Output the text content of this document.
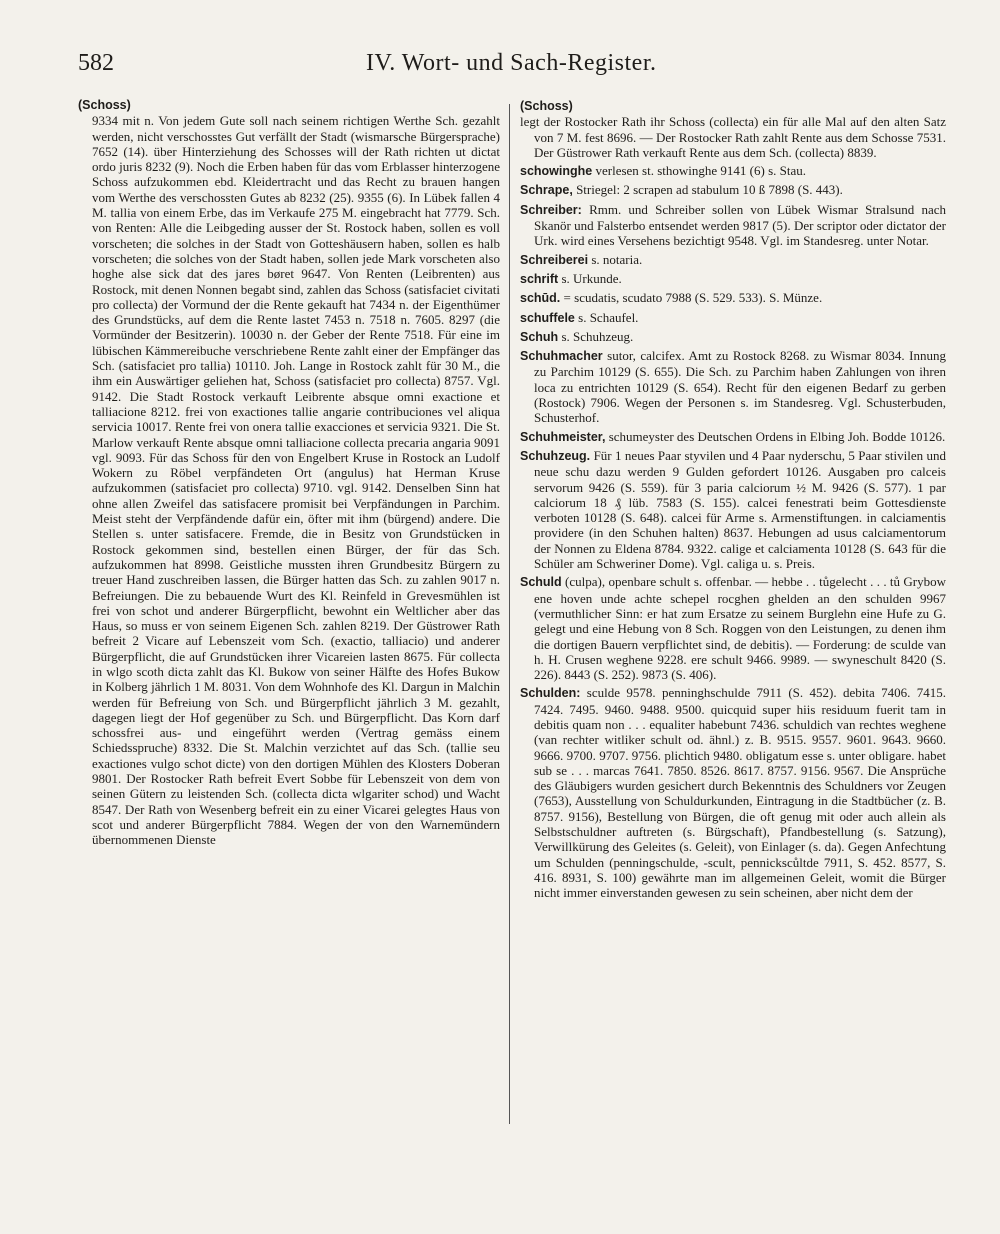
582	IV. Wort- und Sach-Register.
(Schoss)

9334 mit n. Von jedem Gute soll nach seinem richtigen Werthe Sch. gezahlt werden, nicht verschosstes Gut verfällt der Stadt (wismarsche Bürgersprache) 7652 (14). über Hinterziehung des Schosses will der Rath richten ut dictat ordo juris 8232 (9). Noch die Erben haben für das vom Erblasser hinterzogene Schoss aufzukommen ebd. Kleidertracht und das Recht zu brauen hangen vom Werthe des verschossten Gutes ab 8232 (25). 9355 (6). In Lübek fallen 4 M. tallia von einem Erbe, das im Verkaufe 275 M. eingebracht hat 7779. Sch. von Renten: Alle die Leibgeding ausser der St. Rostock haben, sollen es voll vorscheten; die solches in der Stadt von Gotteshäusern haben, sollen es halb vorscheten; die solches von der Stadt haben, sollen jede Mark vorscheten also hoghe alse sick dat des jares børet 9647. Von Renten (Leibrenten) aus Rostock, mit denen Nonnen begabt sind, zahlen das Schoss (satisfaciet civitati pro collecta) der Vormund der die Rente gekauft hat 7434 n. der Eigenthümer des Grundstücks, auf dem die Rente lastet 7453 n. 7518 n. 7605. 8297 (die Vormünder der Besitzerin). 10030 n. der Geber der Rente 7518. Für eine im lübischen Kämmereibuche verschriebene Rente zahlt einer der Empfänger das Sch. (satisfaciet pro tallia) 10110. Joh. Lange in Rostock zahlt für 30 M., die ihm ein Auswärtiger geliehen hat, Schoss (satisfaciet pro collecta) 8757. Vgl. 9142. Die Stadt Rostock verkauft Leibrente absque omni exactione et talliacione 8212. frei von exactiones tallie angarie contribuciones vel aliqua servicia 10017. Rente frei von onera tallie exacciones et servicia 9321. Die St. Marlow verkauft Rente absque omni talliacione collecta precaria angaria 9091 vgl. 9093. Für das Schoss für den von Engelbert Kruse in Rostock an Ludolf Wokern zu Röbel verpfändeten Ort (angulus) hat Herman Kruse aufzukommen (satisfaciet pro collecta) 9710. vgl. 9142. Denselben Sinn hat ohne allen Zweifel das satisfacere promisit bei Verpfändungen in Parchim. Meist steht der Verpfändende dafür ein, öfter mit ihm (bürgend) andere. Die Stellen s. unter satisfacere. Fremde, die in Besitz von Grundstücken in Rostock gekommen sind, bestellen einen Bürger, der für das Sch. aufzukommen hat 8998. Geistliche mussten ihren Grundbesitz Bürgern zu treuer Hand zuschreiben lassen, die Bürger hatten das Sch. zu zahlen 9017 n. Befreiungen. Die zu bebauende Wurt des Kl. Reinfeld in Grevesmühlen ist frei von schot und anderer Bürgerpflicht, bewohnt ein Weltlicher aber das Haus, so muss er von seinem Eigenen Sch. zahlen 8219. Der Güstrower Rath befreit 2 Vicare auf Lebenszeit vom Sch. (exactio, talliacio) und anderer Bürgerpflicht, die auf Grundstücken ihrer Vicareien lasten 8675. Für collecta in wlgo scoth dicta zahlt das Kl. Bukow von seiner Hälfte des Hofes Bukow in Kolberg jährlich 1 M. 8031. Von dem Wohnhofe des Kl. Dargun in Malchin werden für Befreiung von Sch. und Bürgerpflicht jährlich 3 M. gezahlt, dagegen liegt der Hof gegenüber zu Sch. und Bürgerpflicht. Das Korn darf schossfrei aus- und eingeführt werden (Vertrag gemäss einem Schiedsspruche) 8332. Die St. Malchin verzichtet auf das Sch. (tallie seu exactiones vulgo schot dicte) von den dortigen Mühlen des Klosters Doberan 9801. Der Rostocker Rath befreit Evert Sobbe für Lebenszeit von dem von seinen Gütern zu leistenden Sch. (collecta dicta wlgariter schod) und Wacht 8547. Der Rath von Wesenberg befreit ein zu einer Vicarei gelegtes Haus von scot und anderer Bürgerpflicht 7884. Wegen der von den Warnemündern übernommenen Dienste

(Schoss)

legt der Rostocker Rath ihr Schoss (collecta) ein für alle Mal auf den alten Satz von 7 M. fest 8696. — Der Rostocker Rath zahlt Rente aus dem Schosse 7531. Der Güstrower Rath verkauft Rente aus dem Sch. (collecta) 8839.

schowinghe verlesen st. sthowinghe 9141 (6) s. Stau.

Schrape, Striegel: 2 scrapen ad stabulum 10 ß 7898 (S. 443).

Schreiber: Rmm. und Schreiber sollen von Lübek Wismar Stralsund nach Skanör und Falsterbo entsendet werden 9817 (5). Der scriptor oder dictator der Urk. wird eines Versehens bezichtigt 9548. Vgl. im Standesreg. unter Notar.

Schreiberei s. notaria.

schrift s. Urkunde.

schūd. = scudatis, scudato 7988 (S. 529. 533). S. Münze.

schuffele s. Schaufel.

Schuh s. Schuhzeug.

Schuhmacher sutor, calcifex. Amt zu Rostock 8268. zu Wismar 8034. Innung zu Parchim 10129 (S. 655). Die Sch. zu Parchim haben Zahlungen von ihren loca zu entrichten 10129 (S. 654). Recht für den eigenen Bedarf zu gerben (Rostock) 7906. Wegen der Personen s. im Standesreg. Vgl. Schusterbuden, Schusterhof.

Schuhmeister, schumeyster des Deutschen Ordens in Elbing Joh. Bodde 10126.

Schuhzeug. Für 1 neues Paar styvilen und 4 Paar nyderschu, 5 Paar stivilen und neue schu dazu werden 9 Gulden gefordert 10126. Ausgaben pro calceis servorum 9426 (S. 559). für 3 paria calciorum ½ M. 9426 (S. 577). 1 par calciorum 18 ₰ lüb. 7583 (S. 155). calcei fenestrati beim Gottesdienste verboten 10128 (S. 648). calcei für Arme s. Armenstiftungen. in calciamentis providere (in den Schuhen halten) 8637. Hebungen ad usus calciamentorum der Nonnen zu Eldena 8784. 9322. calige et calciamenta 10128 (S. 643 für die Schüler am Schweriner Dome). Vgl. caliga u. s. Preis.

Schuld (culpa), openbare schult s. offenbar. — hebbe . . tůgelecht . . . tů Grybow ene hoven unde achte schepel rocghen ghelden an den schulden 9967 (vermuthlicher Sinn: er hat zum Ersatze zu seinem Burglehn eine Hufe zu G. gelegt und eine Hebung von 8 Sch. Roggen von den Leistungen, zu denen ihm die dortigen Bauern verpflichtet sind, de debitis). — Forderung: de sculde van h. H. Crusen weghene 9228. ere schult 9466. 9989. — swyneschult 8420 (S. 226). 8443 (S. 252). 9873 (S. 406).

Schulden: sculde 9578. penninghschulde 7911 (S. 452). debita 7406. 7415. 7424. 7495. 9460. 9488. 9500. quicquid super hiis residuum fuerit tam in debitis quam non . . . equaliter habebunt 7436. schuldich van rechtes weghene (van rechter witliker schult od. ähnl.) z. B. 9515. 9557. 9601. 9643. 9660. 9666. 9700. 9707. 9756. plichtich 9480. obligatum esse s. unter obligare. habet sub se . . . marcas 7641. 7850. 8526. 8617. 8757. 9156. 9567. Die Ansprüche des Gläubigers wurden gesichert durch Bekenntnis des Schuldners vor Zeugen (7653), Ausstellung von Schuldurkunden, Eintragung in die Stadtbücher (z. B. 8757. 9156), Bestellung von Bürgen, die oft genug mit oder auch allein als Selbstschuldner auftreten (s. Bürgschaft), Pfandbestellung (s. Satzung), Verwillkürung des Geleites (s. Geleit), von Einlager (s. da). Gegen Anfechtung um Schulden (penningschulde, -scult, pennickscůltde 7911, S. 452. 8577, S. 416. 8931, S. 100) gewährte man im allgemeinen Geleit, womit die Bürger nicht immer einverstanden gewesen zu sein scheinen, aber nicht dem der
